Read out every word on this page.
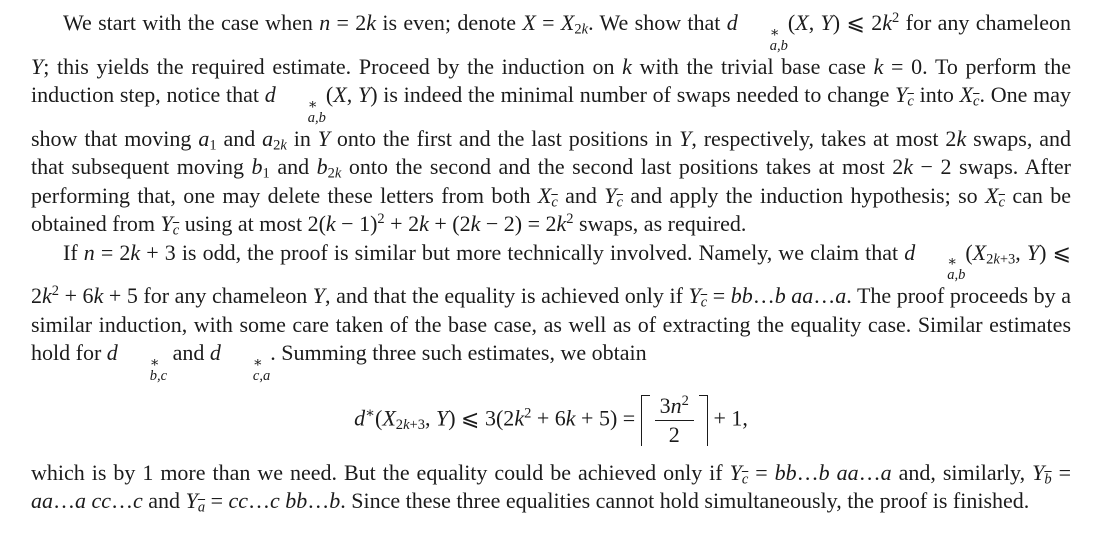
We start with the case when n = 2k is even; denote X = X2k. We show that d	∗
a,b
(X, Y) ⩽ $2k^2$ for any chameleon Y; this yields the required estimate. Proceed by the induction on k with the trivial base case k = 0. To perform the induction step, notice that d	∗
a,b
(X, Y) is indeed the minimal number of swaps needed to change $Y\overline{c}$ into $X\overline{c}$. One may show that moving a1 and a2k in Y onto the first and the last positions in Y, respectively, takes at most 2k swaps, and that subsequent moving b1 and b2k onto the second and the second last positions takes at most 2k − 2 swaps. After performing that, one may delete these letters from both $X\overline{c}$ and $Y\overline{c}$ and apply the induction hypothesis; so $X\overline{c}$ can be obtained from $Y\overline{c}$ using at most $2(k - 1)^2 + 2k + (2k - 2) = 2k^2$ swaps, as required.

If n = 2k + 3 is odd, the proof is similar but more technically involved. Namely, we claim that d	∗
a,b
(X2k+3, Y) ⩽ $2k^2 + 6k + 5$ for any chameleon Y, and that the equality is achieved only if $Y\overline{c}$ = bb…b aa…a. The proof proceeds by a similar induction, with some care taken of the base case, as well as of extracting the equality case. Similar estimates hold for d	∗
b,c
and d	∗
c,a
. Summing three such estimates, we obtain

d∗(X2k+3, Y) ⩽ $3(2k^2 + 6k + 5) = \frac{3n^2}{2} + 1$,

which is by 1 more than we need. But the equality could be achieved only if $Y\overline{c}$ = bb…b aa…a and, similarly, $Y\overline{b}$ = aa…a cc…c and $Y\overline{a}$ = cc…c bb…b. Since these three equalities cannot hold simultaneously, the proof is finished.
